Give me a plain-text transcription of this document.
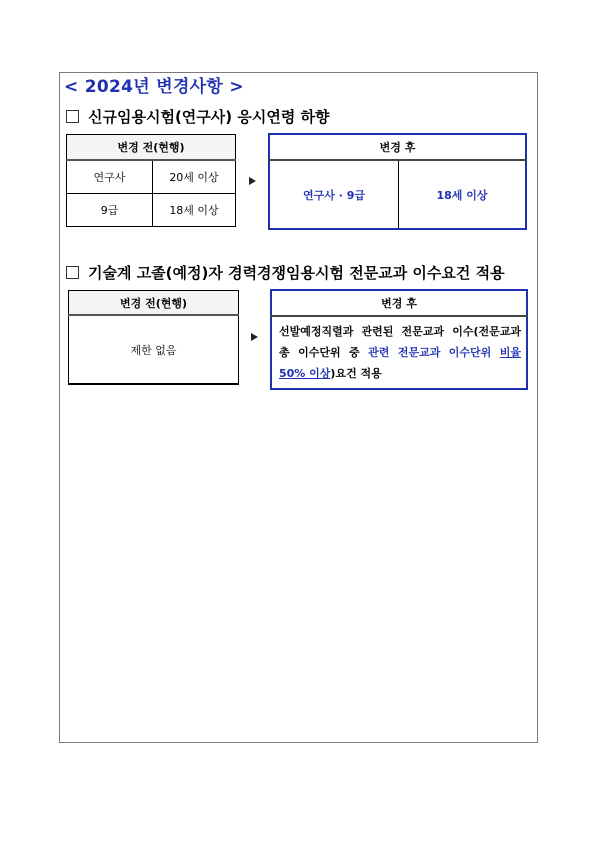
< 2024년 변경사항 >
신규임용시험(연구사) 응시연령 하향
변경 전(현행)	
연구사	20세 이상
9급	18세 이상
변경 후
연구사 · 9급	18세 이상
기술계 고졸(예정)자 경력경쟁임용시험 전문교과 이수요건 적용
변경 전(현행)
제한 없음
변경 후
선발예정직렬과 관련된 전문교과 이수(전문교과 총 이수단위 중 관련 전문교과 이수단위 비율 50% 이상)요건 적용
